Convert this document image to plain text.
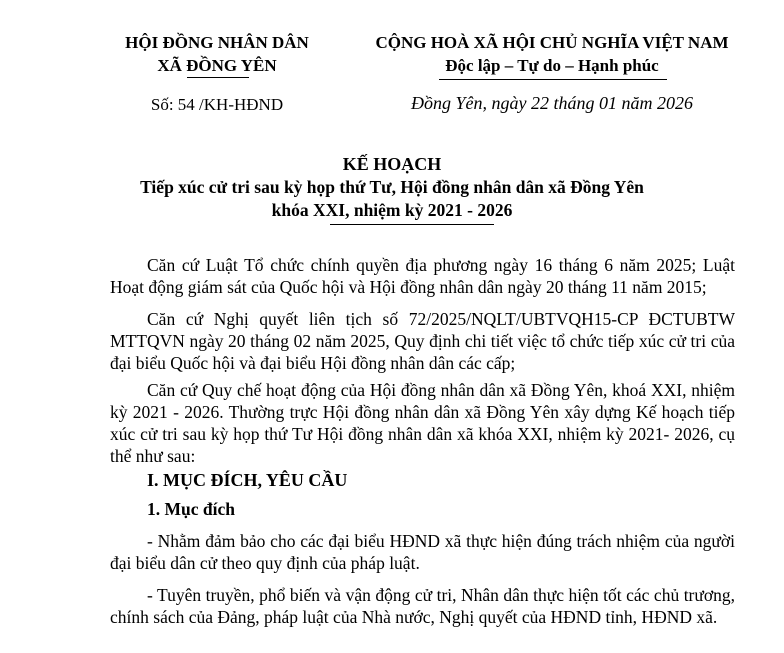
HỘI ĐỒNG NHÂN DÂN
XÃ ĐỒNG YÊN
Số: 54 /KH-HĐND
CỘNG HOÀ XÃ HỘI CHỦ NGHĨA VIỆT NAM
Độc lập – Tự do – Hạnh phúc
Đồng Yên, ngày 22 tháng 01 năm 2026
KẾ HOẠCH
Tiếp xúc cử tri sau kỳ họp thứ Tư, Hội đồng nhân dân xã Đồng Yên
khóa XXI, nhiệm kỳ 2021 - 2026
Căn cứ Luật Tổ chức chính quyền địa phương ngày 16 tháng 6 năm 2025; Luật Hoạt động giám sát của Quốc hội và Hội đồng nhân dân ngày 20 tháng 11 năm 2015;
Căn cứ Nghị quyết liên tịch số 72/2025/NQLT/UBTVQH15-CP ĐCTUBTW MTTQVN ngày 20 tháng 02 năm 2025, Quy định chi tiết việc tổ chức tiếp xúc cử tri của đại biểu Quốc hội và đại biểu Hội đồng nhân dân các cấp;
Căn cứ Quy chế hoạt động của Hội đồng nhân dân xã Đồng Yên, khoá XXI, nhiệm kỳ 2021 - 2026. Thường trực Hội đồng nhân dân xã Đồng Yên xây dựng Kế hoạch tiếp xúc cử tri sau kỳ họp thứ Tư Hội đồng nhân dân xã khóa XXI, nhiệm kỳ 2021- 2026, cụ thể như sau:
I. MỤC ĐÍCH, YÊU CẦU
1. Mục đích
- Nhằm đảm bảo cho các đại biểu HĐND xã thực hiện đúng trách nhiệm của người đại biểu dân cử theo quy định của pháp luật.
- Tuyên truyền, phổ biến và vận động cử tri, Nhân dân thực hiện tốt các chủ trương, chính sách của Đảng, pháp luật của Nhà nước, Nghị quyết của HĐND tỉnh, HĐND xã.
